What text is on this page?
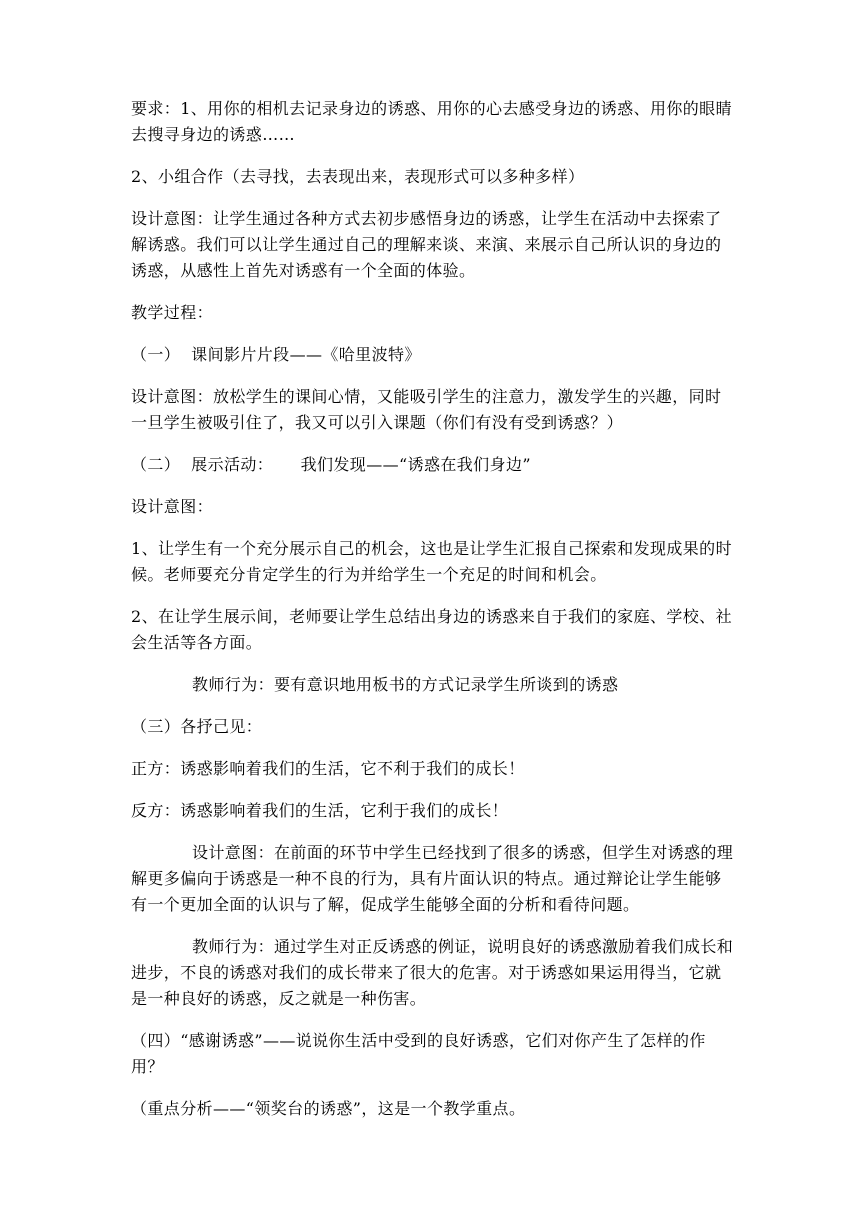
要求：1、用你的相机去记录身边的诱惑、用你的心去感受身边的诱惑、用你的眼睛去搜寻身边的诱惑……

2、小组合作（去寻找，去表现出来，表现形式可以多种多样）

设计意图：让学生通过各种方式去初步感悟身边的诱惑，让学生在活动中去探索了解诱惑。我们可以让学生通过自己的理解来谈、来演、来展示自己所认识的身边的诱惑，从感性上首先对诱惑有一个全面的体验。

教学过程：

（一）  课间影片片段——《哈里波特》

设计意图：放松学生的课间心情，又能吸引学生的注意力，激发学生的兴趣，同时一旦学生被吸引住了，我又可以引入课题（你们有没有受到诱惑？）

（二）  展示活动：     我们发现——“诱惑在我们身边”

设计意图：

1、让学生有一个充分展示自己的机会，这也是让学生汇报自己探索和发现成果的时候。老师要充分肯定学生的行为并给学生一个充足的时间和机会。

2、在让学生展示间，老师要让学生总结出身边的诱惑来自于我们的家庭、学校、社会生活等各方面。

教师行为：要有意识地用板书的方式记录学生所谈到的诱惑

（三）各抒己见：

正方：诱惑影响着我们的生活，它不利于我们的成长！

反方：诱惑影响着我们的生活，它利于我们的成长！

设计意图：在前面的环节中学生已经找到了很多的诱惑，但学生对诱惑的理解更多偏向于诱惑是一种不良的行为，具有片面认识的特点。通过辩论让学生能够有一个更加全面的认识与了解，促成学生能够全面的分析和看待问题。

教师行为：通过学生对正反诱惑的例证，说明良好的诱惑激励着我们成长和进步，不良的诱惑对我们的成长带来了很大的危害。对于诱惑如果运用得当，它就是一种良好的诱惑，反之就是一种伤害。

（四）“感谢诱惑”——说说你生活中受到的良好诱惑，它们对你产生了怎样的作用？

（重点分析——“领奖台的诱惑”，这是一个教学重点。
